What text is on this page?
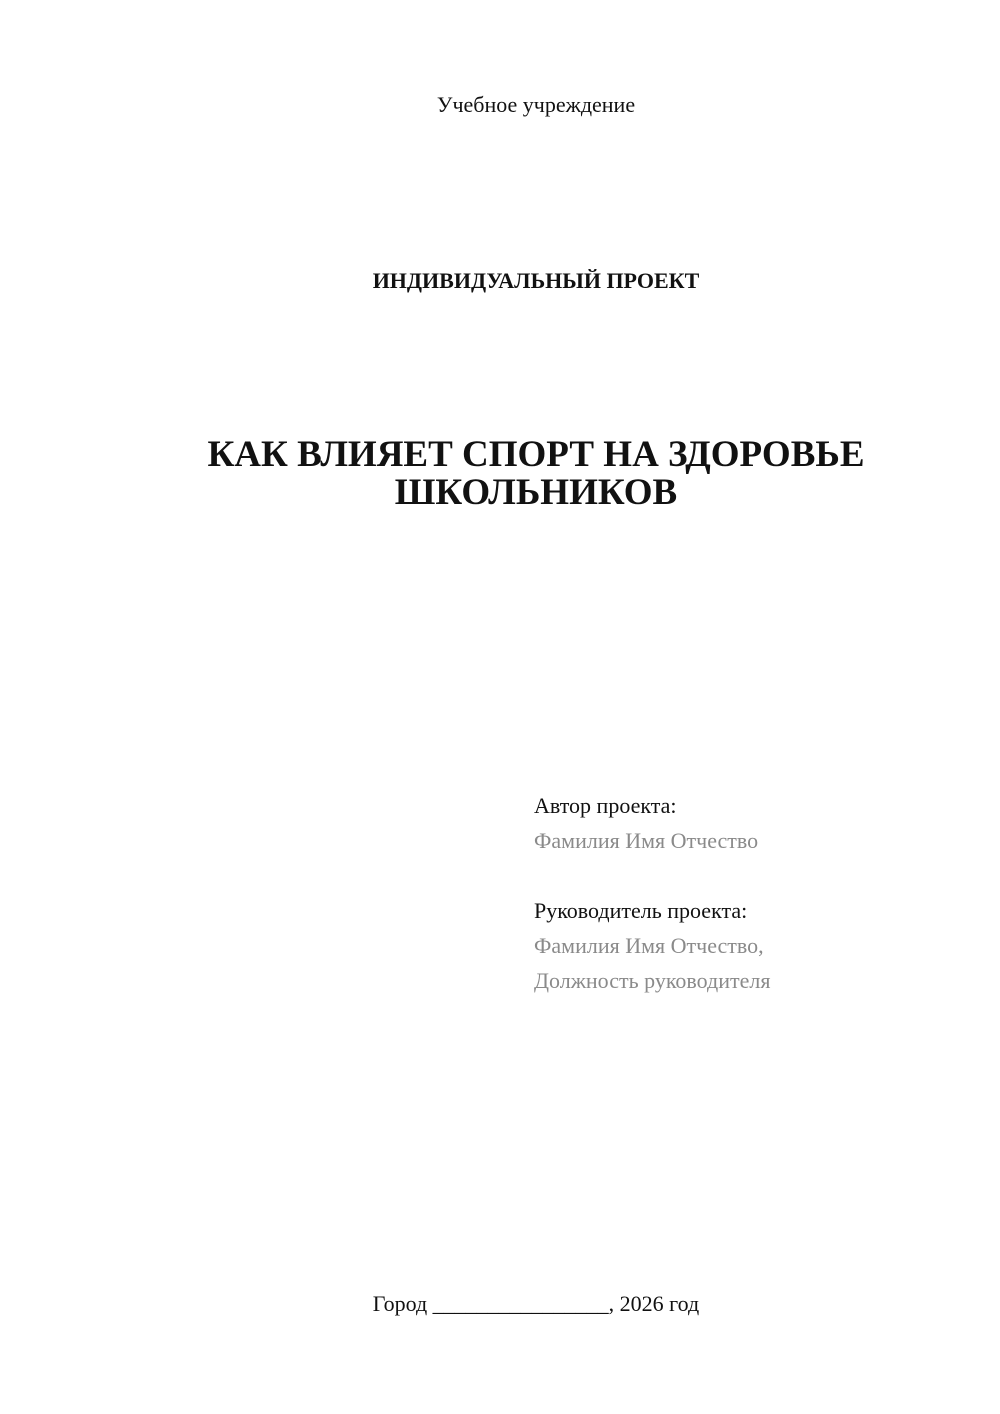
Учебное учреждение
ИНДИВИДУАЛЬНЫЙ ПРОЕКТ
КАК ВЛИЯЕТ СПОРТ НА ЗДОРОВЬЕ
ШКОЛЬНИКОВ
Автор проекта:
Фамилия Имя Отчество
Руководитель проекта:
Фамилия Имя Отчество,
Должность руководителя
Город ________________, 2026 год
